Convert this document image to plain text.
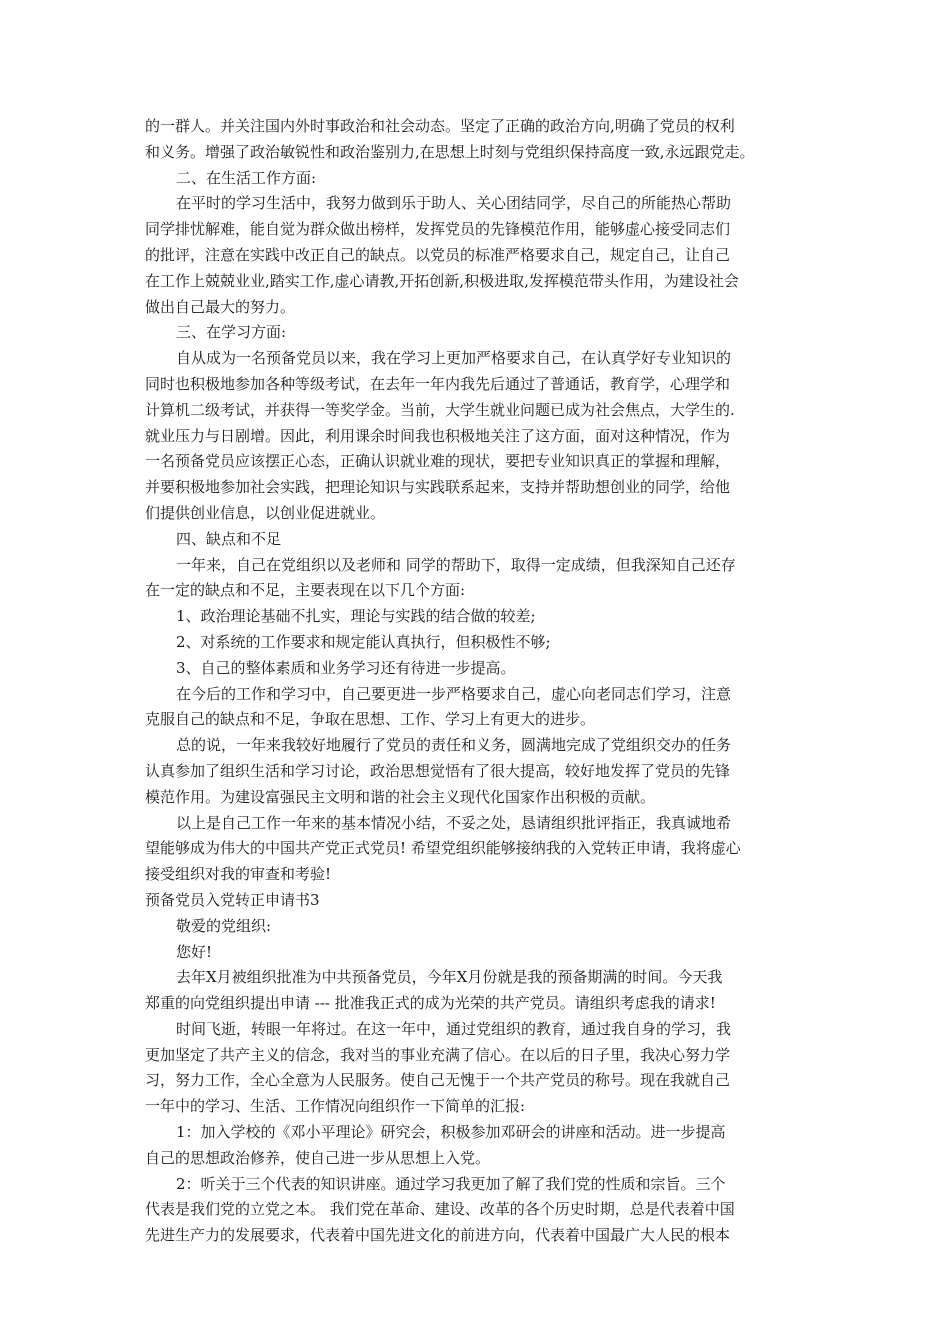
的一群人。并关注国内外时事政治和社会动态。坚定了正确的政治方向,明确了党员的权利
和义务。增强了政治敏锐性和政治鉴别力,在思想上时刻与党组织保持高度一致,永远跟党走。
二、在生活工作方面:
在平时的学习生活中，我努力做到乐于助人、关心团结同学，尽自己的所能热心帮助
同学排忧解难，能自觉为群众做出榜样，发挥党员的先锋模范作用，能够虚心接受同志们
的批评，注意在实践中改正自己的缺点。以党员的标准严格要求自己，规定自己，让自己
在工作上兢兢业业,踏实工作,虚心请教,开拓创新,积极进取,发挥模范带头作用，为建设社会
做出自己最大的努力。
三、在学习方面:
自从成为一名预备党员以来，我在学习上更加严格要求自己，在认真学好专业知识的
同时也积极地参加各种等级考试，在去年一年内我先后通过了普通话，教育学，心理学和
计算机二级考试，并获得一等奖学金。当前，大学生就业问题已成为社会焦点，大学生的.
就业压力与日剧增。因此，利用课余时间我也积极地关注了这方面，面对这种情况，作为
一名预备党员应该摆正心态，正确认识就业难的现状，要把专业知识真正的掌握和理解，
并要积极地参加社会实践，把理论知识与实践联系起来，支持并帮助想创业的同学，给他
们提供创业信息，以创业促进就业。
四、缺点和不足
一年来，自己在党组织以及老师和 同学的帮助下，取得一定成绩，但我深知自己还存
在一定的缺点和不足，主要表现在以下几个方面:
1、政治理论基础不扎实，理论与实践的结合做的较差;
2、对系统的工作要求和规定能认真执行，但积极性不够;
3、自己的整体素质和业务学习还有待进一步提高。
在今后的工作和学习中，自己要更进一步严格要求自己，虚心向老同志们学习，注意
克服自己的缺点和不足，争取在思想、工作、学习上有更大的进步。
总的说，一年来我较好地履行了党员的责任和义务，圆满地完成了党组织交办的任务
认真参加了组织生活和学习讨论，政治思想觉悟有了很大提高，较好地发挥了党员的先锋
模范作用。为建设富强民主文明和谐的社会主义现代化国家作出积极的贡献。
以上是自己工作一年来的基本情况小结，不妥之处，恳请组织批评指正，我真诚地希
望能够成为伟大的中国共产党正式党员! 希望党组织能够接纳我的入党转正申请，我将虚心
接受组织对我的审查和考验!
预备党员入党转正申请书3
敬爱的党组织:
您好!
去年X月被组织批准为中共预备党员，今年X月份就是我的预备期满的时间。今天我
郑重的向党组织提出申请 --- 批准我正式的成为光荣的共产党员。请组织考虑我的请求!
时间飞逝，转眼一年将过。在这一年中，通过党组织的教育，通过我自身的学习，我
更加坚定了共产主义的信念，我对当的事业充满了信心。在以后的日子里，我决心努力学
习，努力工作，全心全意为人民服务。使自己无愧于一个共产党员的称号。现在我就自己
一年中的学习、生活、工作情况向组织作一下简单的汇报:
1：加入学校的《邓小平理论》研究会，积极参加邓研会的讲座和活动。进一步提高
自己的思想政治修养，使自己进一步从思想上入党。
2：听关于三个代表的知识讲座。通过学习我更加了解了我们党的性质和宗旨。三个
代表是我们党的立党之本。 我们党在革命、建设、改革的各个历史时期，总是代表着中国
先进生产力的发展要求，代表着中国先进文化的前进方向，代表着中国最广大人民的根本
